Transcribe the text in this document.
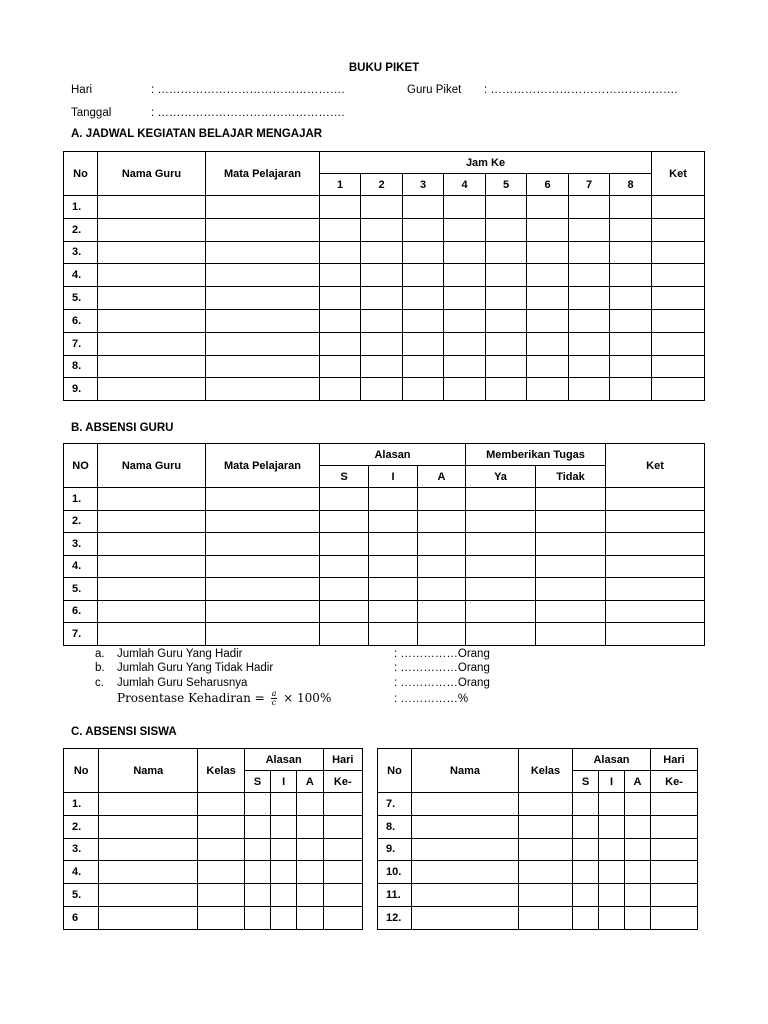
BUKU PIKET
Hari	: ………………………………………….	Guru Piket : ………………………………………….
Tanggal	: ………………………………………….
A. JADWAL KEGIATAN BELAJAR MENGAJAR
No	Nama Guru	Mata Pelajaran	Jam Ke								Ket
			1	2	3	4	5	6	7	8	
1.											
2.											
3.											
4.											
5.											
6.											
7.											
8.											
9.											
B. ABSENSI GURU
NO	Nama Guru	Mata Pelajaran	Alasan			Memberikan Tugas		Ket
			S	I	A	Ya	Tidak	
1.								
2.								
3.								
4.								
5.								
6.								
7.								
a. Jumlah Guru Yang Hadir	: ……………Orang
b. Jumlah Guru Yang Tidak Hadir	: ……………Orang
c. Jumlah Guru Seharusnya	: ……………Orang
Prosentase Kehadiran = $\frac{a}{c} \times 100\%$	: ……………%
C. ABSENSI SISWA
No	Nama	Kelas	Alasan			Hari
			S	I	A	Ke-
1.						
2.						
3.						
4.						
5.						
6						
No	Nama	Kelas	Alasan			Hari
			S	I	A	Ke-
7.						
8.						
9.						
10.						
11.						
12.						
